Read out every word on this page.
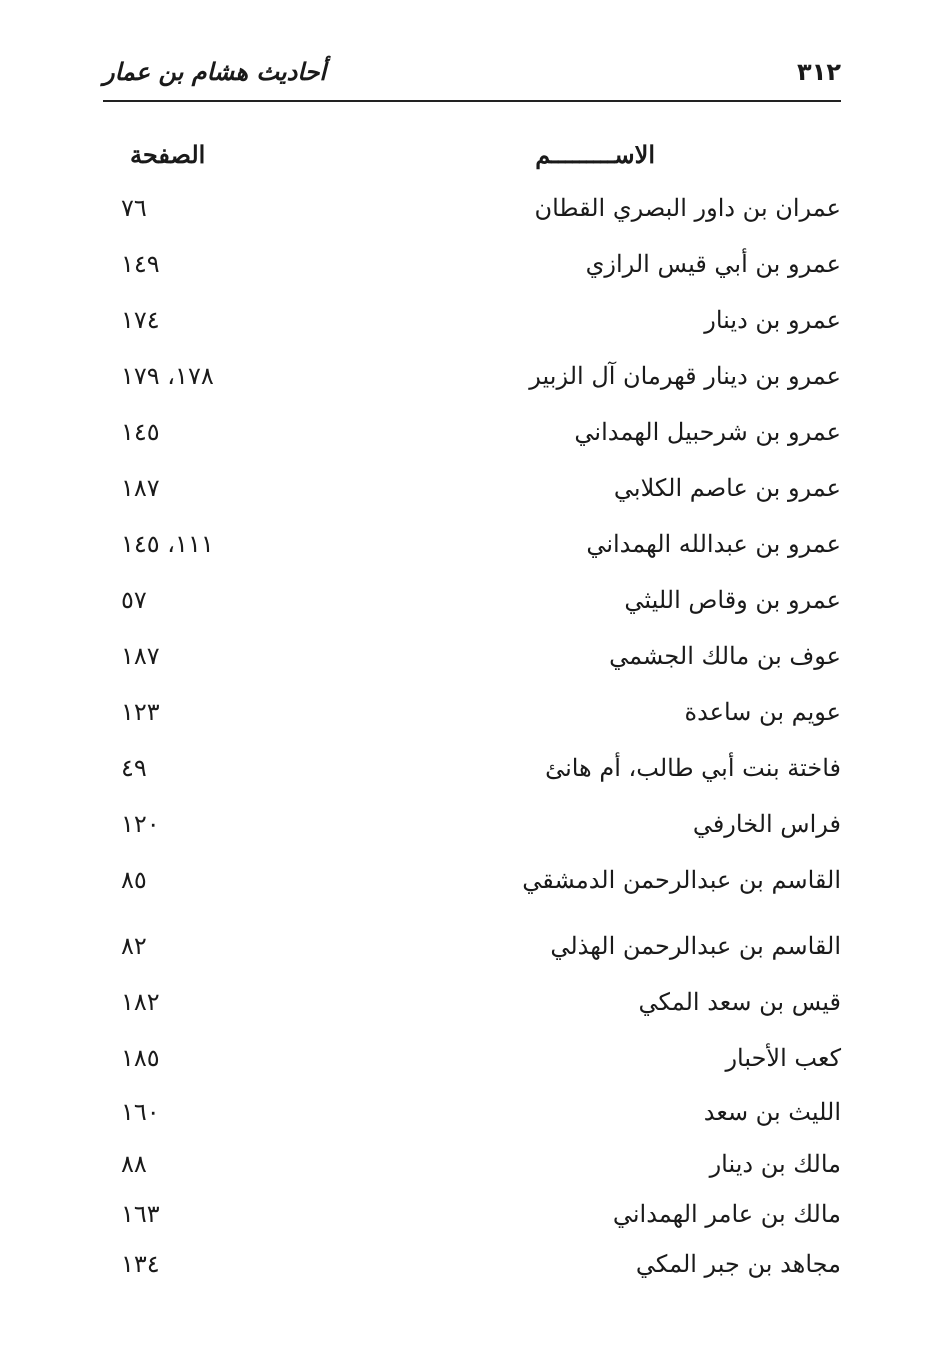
أحاديث هشام بن عمار	٣١٢
الاســـــــــم
الصفحة
عمران بن داور البصري القطان
٧٦
عمرو بن أبي قيس الرازي
١٤٩
عمرو بن دينار
١٧٤
عمرو بن دينار قهرمان آل الزبير
١٧٨، ١٧٩
عمرو بن شرحبيل الهمداني
١٤٥
عمرو بن عاصم الكلابي
١٨٧
عمرو بن عبدالله الهمداني
١١١، ١٤٥
عمرو بن وقاص الليثي
٥٧
عوف بن مالك الجشمي
١٨٧
عويم بن ساعدة
١٢٣
فاختة بنت أبي طالب، أم هانئ
٤٩
فراس الخارفي
١٢٠
القاسم بن عبدالرحمن الدمشقي
٨٥
القاسم بن عبدالرحمن الهذلي
٨٢
قيس بن سعد المكي
١٨٢
كعب الأحبار
١٨٥
الليث بن سعد
١٦٠
مالك بن دينار
٨٨
مالك بن عامر الهمداني
١٦٣
مجاهد بن جبر المكي
١٣٤
